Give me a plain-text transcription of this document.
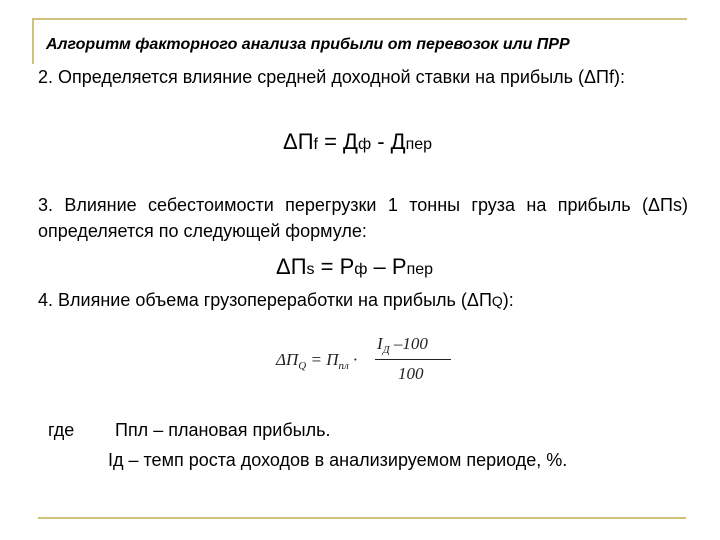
Алгоритм факторного анализа прибыли от перевозок или ПРР
2. Определяется влияние средней доходной ставки на прибыль (ΔПf):
ΔПf = Дф - Дпер
3. Влияние себестоимости перегрузки 1 тонны груза на прибыль (ΔПs) определяется по следующей формуле:
ΔПs = Рф – Рпер
4. Влияние объема грузопереработки на прибыль (ΔПQ):
$\Delta П_Q = П_{пл}$ ·
$I_Д$ –100
100
где Ппл – плановая прибыль.
Iд – темп роста доходов в анализируемом периоде, %.
